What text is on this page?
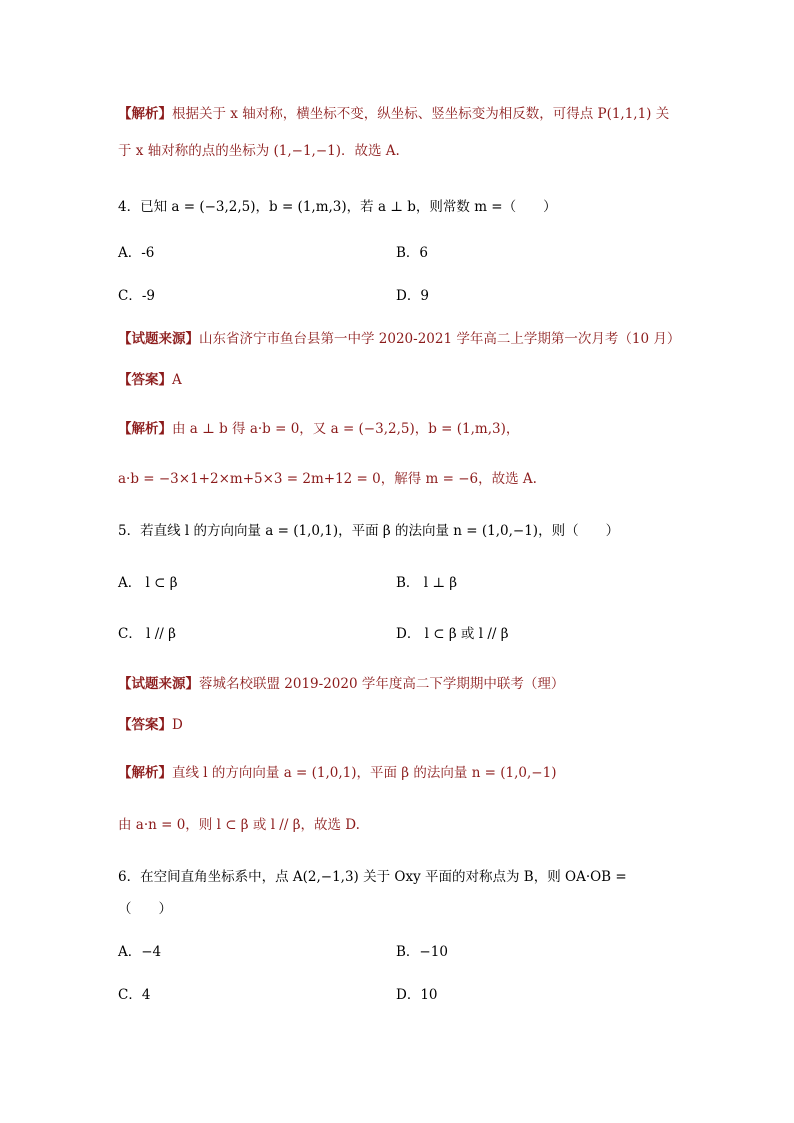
【解析】根据关于 x 轴对称，横坐标不变，纵坐标、竖坐标变为相反数，可得点 P(1,1,1) 关
于 x 轴对称的点的坐标为 (1,−1,−1)．故选 A.
4．已知 a = (−3,2,5)，b = (1,m,3)，若 a ⊥ b，则常数 m =（　　）
A．-6	B．6
C．-9	D．9
【试题来源】山东省济宁市鱼台县第一中学 2020-2021 学年高二上学期第一次月考（10 月）
【答案】A
【解析】由 a ⊥ b 得 a·b = 0，又 a = (−3,2,5)，b = (1,m,3)，
a·b = −3×1+2×m+5×3 = 2m+12 = 0，解得 m = −6，故选 A.
5．若直线 l 的方向向量 a = (1,0,1)，平面 β 的法向量 n = (1,0,−1)，则（　　）
A． l ⊂ β	B． l ⊥ β
C． l // β	D． l ⊂ β 或 l // β
【试题来源】蓉城名校联盟 2019-2020 学年度高二下学期期中联考（理）
【答案】D
【解析】直线 l 的方向向量 a = (1,0,1)，平面 β 的法向量 n = (1,0,−1)
由 a·n = 0，则 l ⊂ β 或 l // β，故选 D.
6．在空间直角坐标系中，点 A(2,−1,3) 关于 Oxy 平面的对称点为 B，则 OA·OB =
（　　）
A．−4	B．−10
C．4	D．10
